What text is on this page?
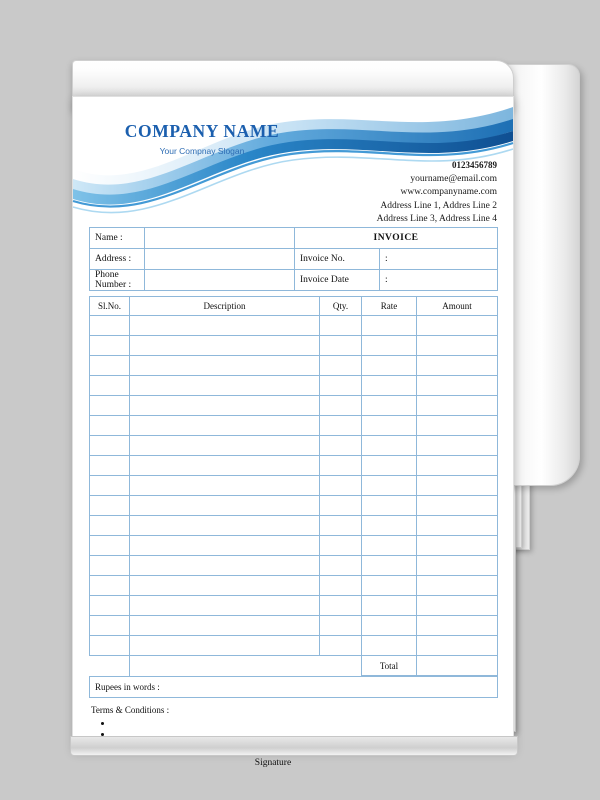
COMPANY NAME
Your Compnay Slogan
0123456789
yourname@email.com
www.companyname.com
Address Line 1, Addres Line 2
Address Line 3, Address Line 4
Name :		INVOICE	
Address :		Invoice No.	:
Phone Number :		Invoice Date	:
Sl.No.	Description	Qty.	Rate	Amount

			Total	
Rupees in words :	
Terms & Conditions :
•
•
Signature
